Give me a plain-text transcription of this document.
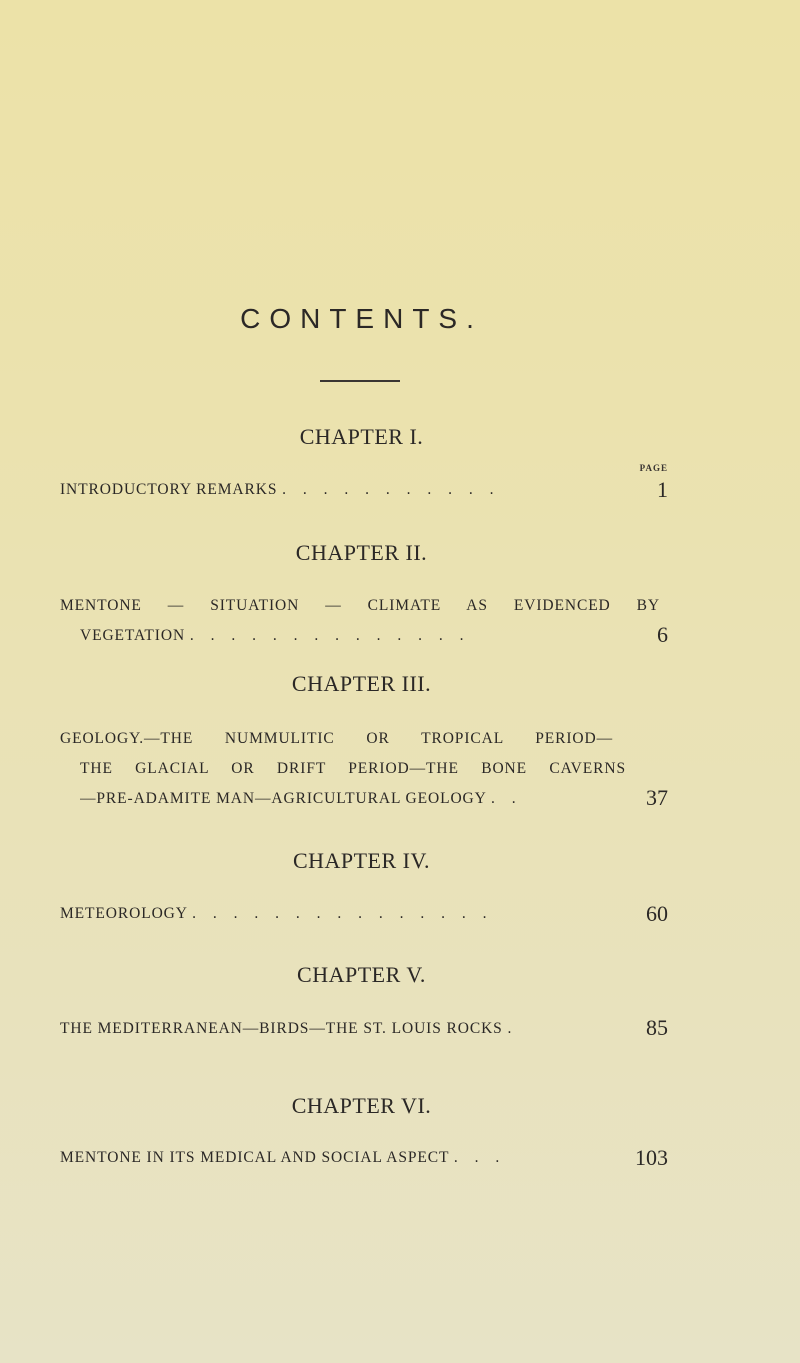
CONTENTS.
CHAPTER I.
PAGE
INTRODUCTORY REMARKS . . . . . . . . . . .	1
CHAPTER II.
MENTONE — SITUATION — CLIMATE AS EVIDENCED BY
VEGETATION . . . . . . . . . . . . . .	6
CHAPTER III.
GEOLOGY.—THE NUMMULITIC OR TROPICAL PERIOD—
THE GLACIAL OR DRIFT PERIOD—THE BONE CAVERNS
—PRE-ADAMITE MAN—AGRICULTURAL GEOLOGY . .	37
CHAPTER IV.
METEOROLOGY . . . . . . . . . . . . . . .	60
CHAPTER V.
THE MEDITERRANEAN—BIRDS—THE ST. LOUIS ROCKS .	85
CHAPTER VI.
MENTONE IN ITS MEDICAL AND SOCIAL ASPECT . . .	103
